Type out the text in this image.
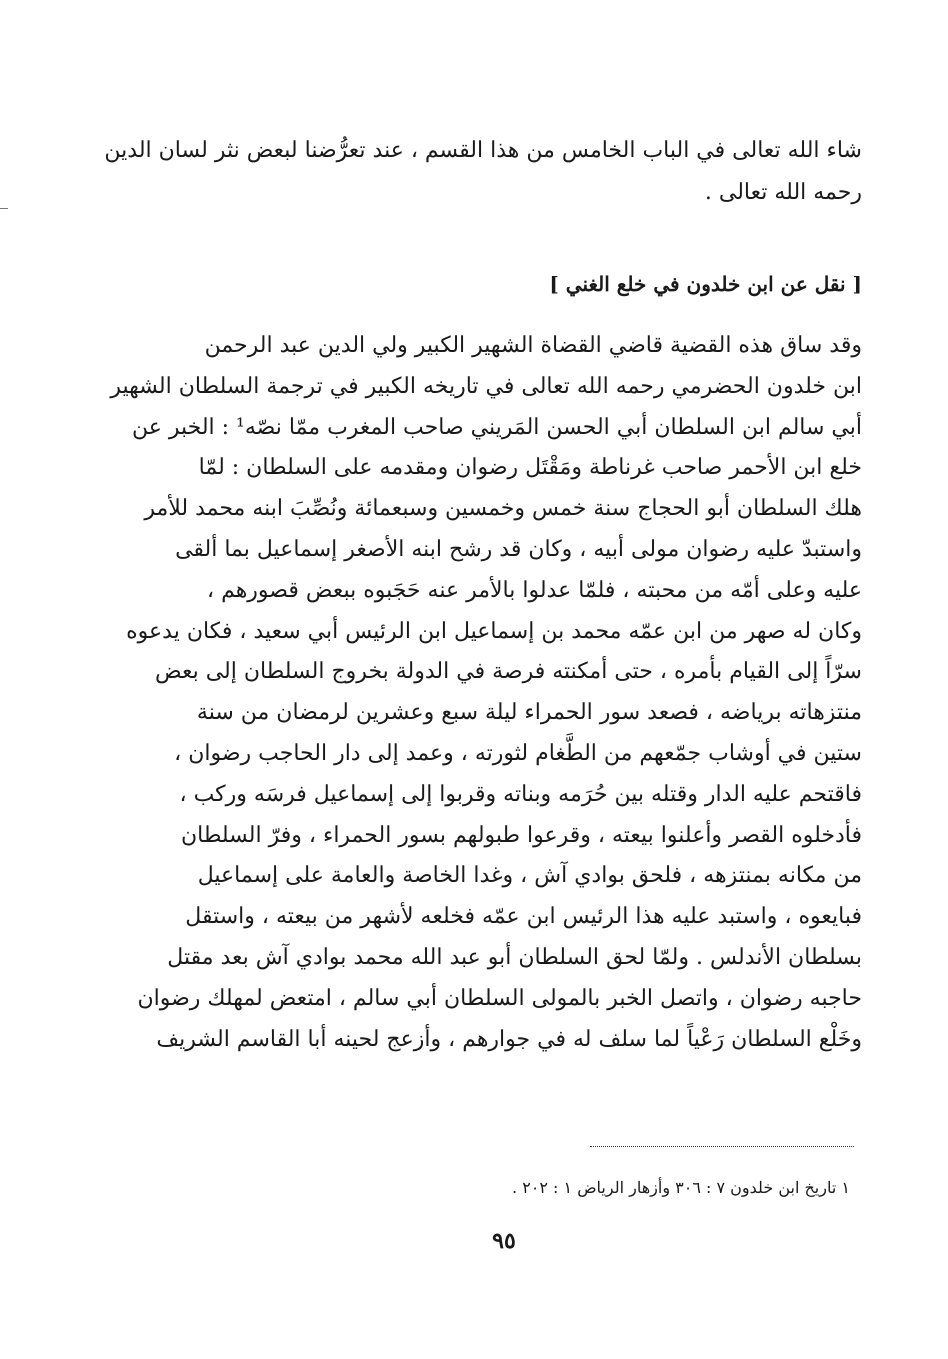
شاء الله تعالى في الباب الخامس من هذا القسم ، عند تعرُّضنا لبعض نثر لسان الدين
رحمه الله تعالى .
[ نقل عن ابن خلدون في خلع الغني ]
وقد ساق هذه القضية قاضي القضاة الشهير الكبير ولي الدين عبد الرحمن
ابن خلدون الحضرمي رحمه الله تعالى في تاريخه الكبير في ترجمة السلطان الشهير
أبي سالم ابن السلطان أبي الحسن المَريني صاحب المغرب ممّا نصّه¹ : الخبر عن
خلع ابن الأحمر صاحب غرناطة ومَقْتَل رضوان ومقدمه على السلطان : لمّا
هلك السلطان أبو الحجاج سنة خمس وخمسين وسبعمائة ونُصِّبَ ابنه محمد للأمر
واستبدّ عليه رضوان مولى أبيه ، وكان قد رشح ابنه الأصغر إسماعيل بما ألقى
عليه وعلى أمّه من محبته ، فلمّا عدلوا بالأمر عنه حَجَبوه ببعض قصورهم ،
وكان له صهر من ابن عمّه محمد بن إسماعيل ابن الرئيس أبي سعيد ، فكان يدعوه
سرّاً إلى القيام بأمره ، حتى أمكنته فرصة في الدولة بخروج السلطان إلى بعض
منتزهاته برياضه ، فصعد سور الحمراء ليلة سبع وعشرين لرمضان من سنة
ستين في أوشاب جمّعهم من الطَّغام لثورته ، وعمد إلى دار الحاجب رضوان ،
فاقتحم عليه الدار وقتله بين حُرَمه وبناته وقربوا إلى إسماعيل فرسَه وركب ،
فأدخلوه القصر وأعلنوا بيعته ، وقرعوا طبولهم بسور الحمراء ، وفرّ السلطان
من مكانه بمنتزهه ، فلحق بوادي آش ، وغدا الخاصة والعامة على إسماعيل
فبايعوه ، واستبد عليه هذا الرئيس ابن عمّه فخلعه لأشهر من بيعته ، واستقل
بسلطان الأندلس . ولمّا لحق السلطان أبو عبد الله محمد بوادي آش بعد مقتل
حاجبه رضوان ، واتصل الخبر بالمولى السلطان أبي سالم ، امتعض لمهلك رضوان
وخَلْع السلطان رَعْياً لما سلف له في جوارهم ، وأزعج لحينه أبا القاسم الشريف
١ تاريخ ابن خلدون ٧ : ٣٠٦ وأزهار الرياض ١ : ٢٠٢ .
٩٥
